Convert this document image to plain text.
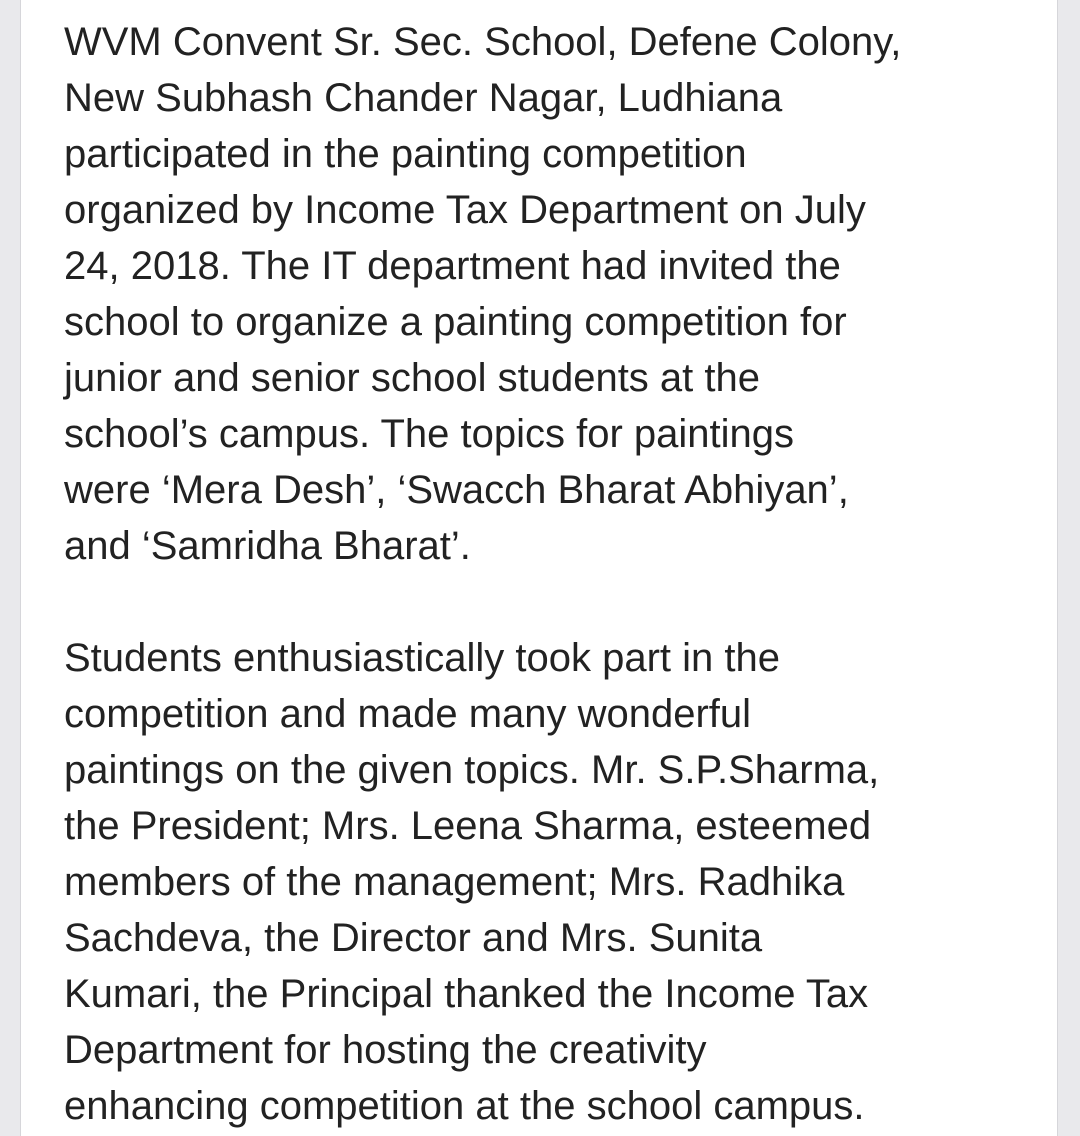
WVM Convent Sr. Sec. School, Defene Colony,
New Subhash Chander Nagar, Ludhiana
participated in the painting competition
organized by Income Tax Department on July
24, 2018. The IT department had invited the
school to organize a painting competition for
junior and senior school students at the
school’s campus. The topics for paintings
were ‘Mera Desh’, ‘Swacch Bharat Abhiyan’,
and ‘Samridha Bharat’.
Students enthusiastically took part in the
competition and made many wonderful
paintings on the given topics. Mr. S.P.Sharma,
the President; Mrs. Leena Sharma, esteemed
members of the management; Mrs. Radhika
Sachdeva, the Director and Mrs. Sunita
Kumari, the Principal thanked the Income Tax
Department for hosting the creativity
enhancing competition at the school campus.
